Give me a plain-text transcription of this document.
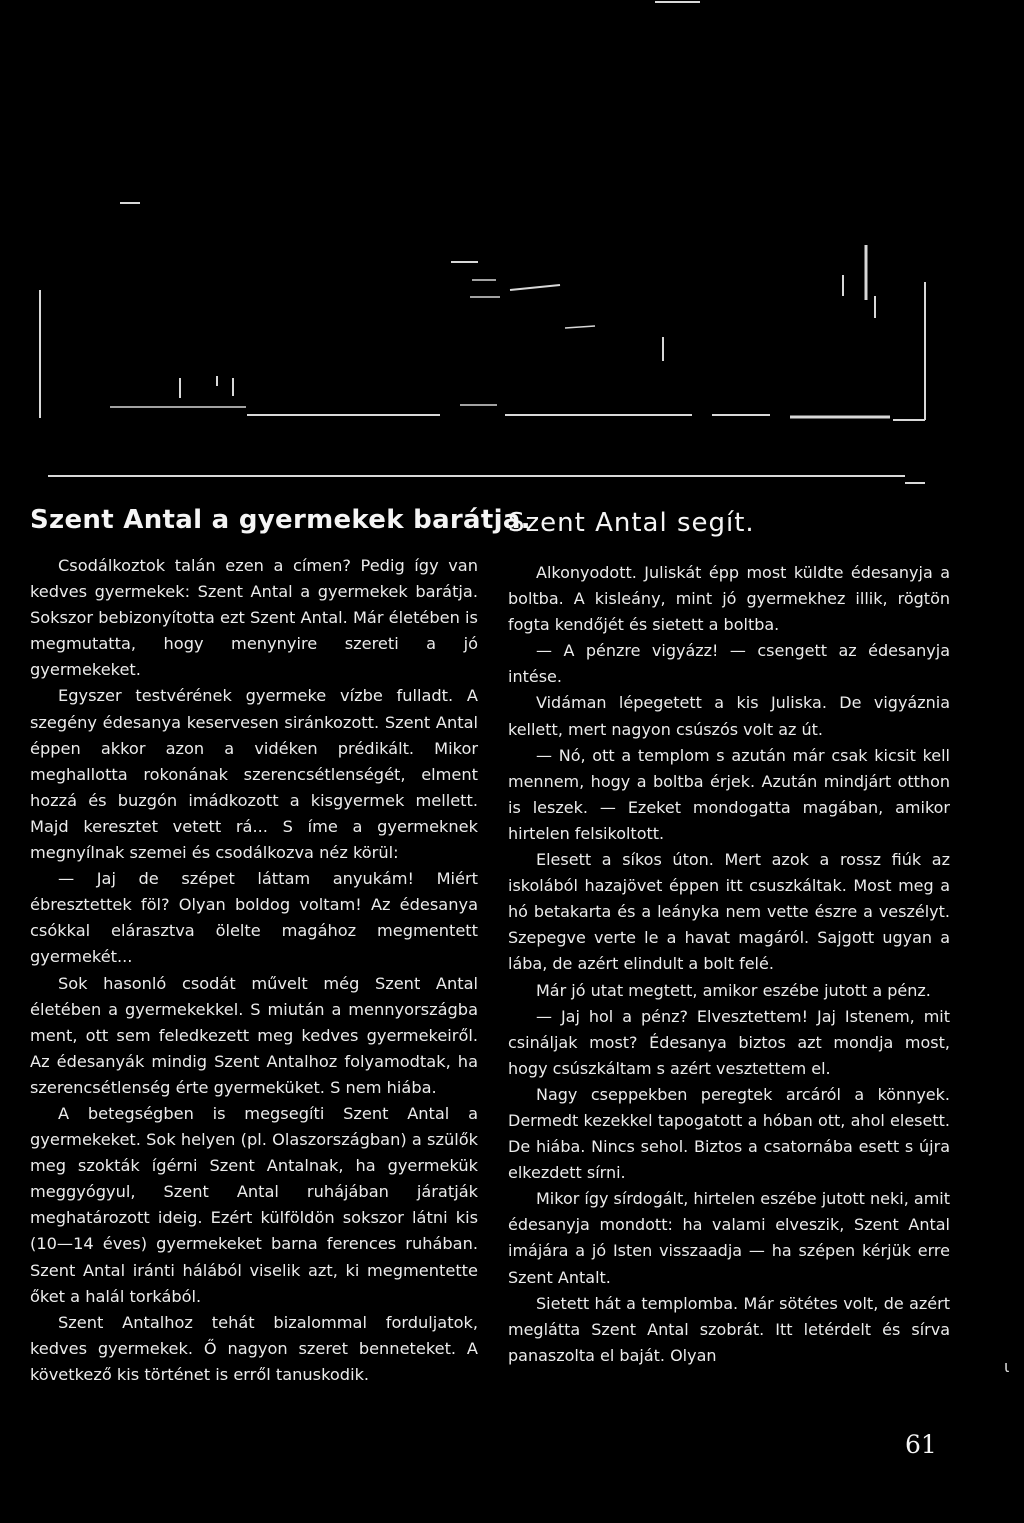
Szent Antal a gyermekek barátja.

Csodálkoztok talán ezen a címen? Pedig így van kedves gyermekek: Szent Antal a gyermekek barátja. Sokszor bebizonyította ezt Szent Antal. Már életében is megmutatta, hogy menynyire szereti a jó gyermekeket.

Egyszer testvérének gyermeke vízbe fulladt. A szegény édesanya keservesen siránkozott. Szent Antal éppen akkor azon a vidéken prédikált. Mikor meghallotta rokonának szerencsétlenségét, elment hozzá és buzgón imádkozott a kisgyermek mellett. Majd keresztet vetett rá... S íme a gyermeknek megnyílnak szemei és csodálkozva néz körül:

— Jaj de szépet láttam anyukám! Miért ébresztettek föl? Olyan boldog voltam! Az édesanya csókkal elárasztva ölelte magához megmentett gyermekét...

Sok hasonló csodát művelt még Szent Antal életében a gyermekekkel. S miután a mennyországba ment, ott sem feledkezett meg kedves gyermekeiről. Az édesanyák mindig Szent Antalhoz folyamodtak, ha szerencsétlenség érte gyermeküket. S nem hiába.

A betegségben is megsegíti Szent Antal a gyermekeket. Sok helyen (pl. Olaszországban) a szülők meg szokták ígérni Szent Antalnak, ha gyermekük meggyógyul, Szent Antal ruhájában járatják meghatározott ideig. Ezért külföldön sokszor látni kis (10—14 éves) gyermekeket barna ferences ruhában. Szent Antal iránti hálából viselik azt, ki megmentette őket a halál torkából.

Szent Antalhoz tehát bizalommal forduljatok, kedves gyermekek. Ő nagyon szeret benneteket. A következő kis történet is erről tanuskodik.

Szent Antal segít.

Alkonyodott. Juliskát épp most küldte édesanyja a boltba. A kisleány, mint jó gyermekhez illik, rögtön fogta kendőjét és sietett a boltba.

— A pénzre vigyázz! — csengett az édesanyja intése.

Vidáman lépegetett a kis Juliska. De vigyáznia kellett, mert nagyon csúszós volt az út.

— Nó, ott a templom s azután már csak kicsit kell mennem, hogy a boltba érjek. Azután mindjárt otthon is leszek. — Ezeket mondogatta magában, amikor hirtelen felsikoltott.

Elesett a síkos úton. Mert azok a rossz fiúk az iskolából hazajövet éppen itt csuszkáltak. Most meg a hó betakarta és a leányka nem vette észre a veszélyt. Szepegve verte le a havat magáról. Sajgott ugyan a lába, de azért elindult a bolt felé.

Már jó utat megtett, amikor eszébe jutott a pénz.

— Jaj hol a pénz? Elvesztettem! Jaj Istenem, mit csináljak most? Édesanya biztos azt mondja most, hogy csúszkáltam s azért vesztettem el.

Nagy cseppekben peregtek arcáról a könnyek. Dermedt kezekkel tapogatott a hóban ott, ahol elesett. De hiába. Nincs sehol. Biztos a csatornába esett s újra elkezdett sírni.

Mikor így sírdogált, hirtelen eszébe jutott neki, amit édesanyja mondott: ha valami elveszik, Szent Antal imájára a jó Isten visszaadja — ha szépen kérjük erre Szent Antalt.

Sietett hát a templomba. Már sötétes volt, de azért meglátta Szent Antal szobrát. Itt letérdelt és sírva panaszolta el baját. Olyan

ι
61
